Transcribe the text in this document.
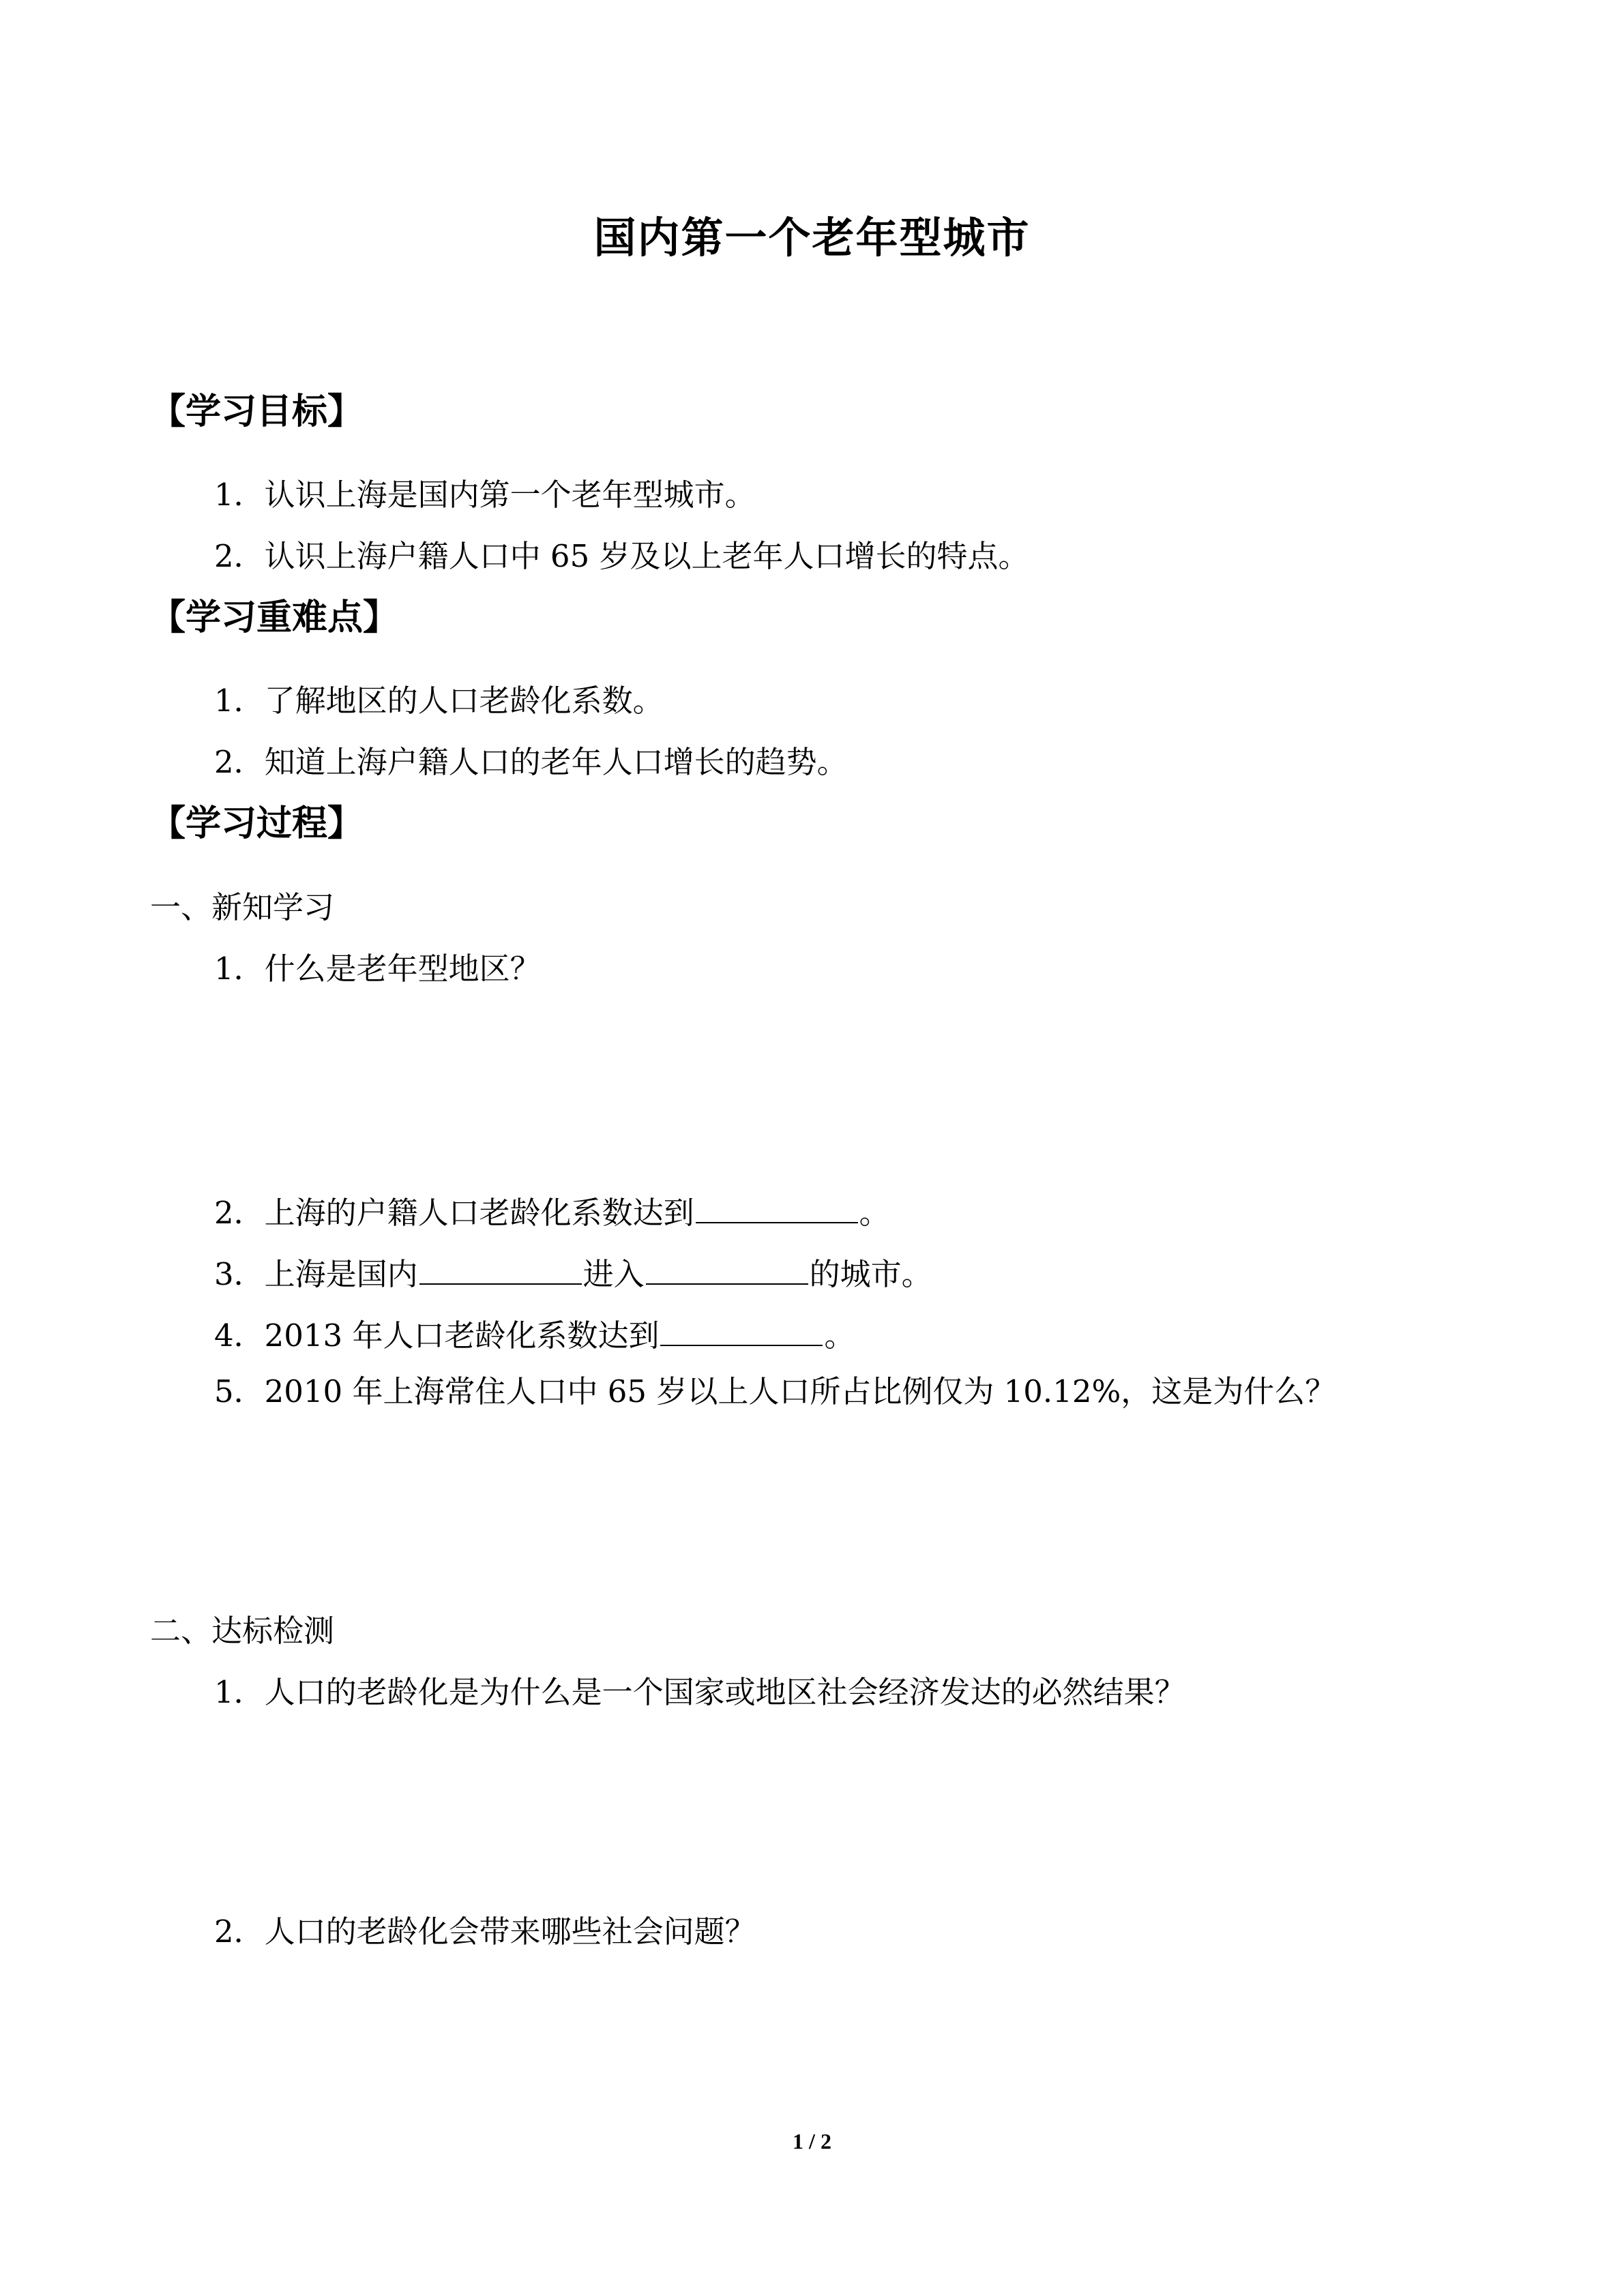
国内第一个老年型城市
【学习目标】
1．认识上海是国内第一个老年型城市。
2．认识上海户籍人口中 65 岁及以上老年人口增长的特点。
【学习重难点】
1．了解地区的人口老龄化系数。
2．知道上海户籍人口的老年人口增长的趋势。
【学习过程】
一、新知学习
1．什么是老年型地区？
2．上海的户籍人口老龄化系数达到	。
3．上海是国内	进入	的城市。
4．2013 年人口老龄化系数达到	。
5．2010 年上海常住人口中 65 岁以上人口所占比例仅为 10.12%，这是为什么？
二、达标检测
1．人口的老龄化是为什么是一个国家或地区社会经济发达的必然结果？
2．人口的老龄化会带来哪些社会问题？
1 / 2
